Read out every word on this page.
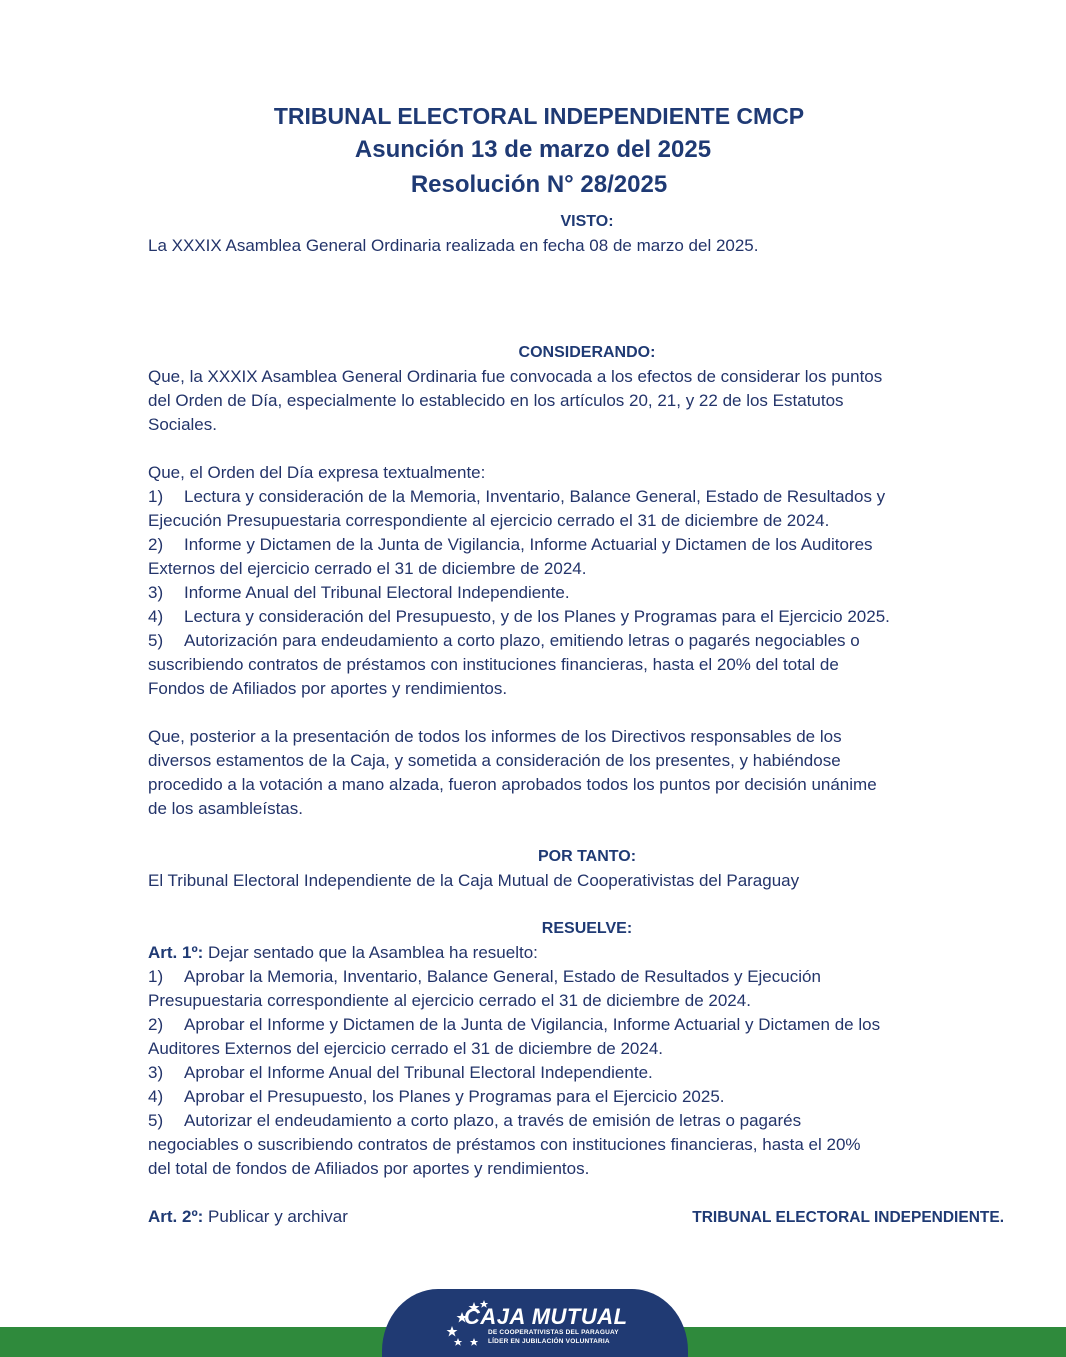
TRIBUNAL ELECTORAL INDEPENDIENTE CMCP
Asunción 13 de marzo del 2025
Resolución N° 28/2025
VISTO:

La XXXIX Asamblea General Ordinaria realizada en fecha 08 de marzo del 2025.

CONSIDERANDO:

Que, la XXXIX Asamblea General Ordinaria fue convocada a los efectos de considerar los puntos

del Orden de Día, especialmente lo establecido en los artículos 20, 21, y 22 de los Estatutos

Sociales.

Que, el Orden del Día expresa textualmente:

1) Lectura y consideración de la Memoria, Inventario, Balance General, Estado de Resultados y

Ejecución Presupuestaria correspondiente al ejercicio cerrado el 31 de diciembre de 2024.

2) Informe y Dictamen de la Junta de Vigilancia, Informe Actuarial y Dictamen de los Auditores

Externos del ejercicio cerrado el 31 de diciembre de 2024.

3) Informe Anual del Tribunal Electoral Independiente.

4) Lectura y consideración del Presupuesto, y de los Planes y Programas para el Ejercicio 2025.

5) Autorización para endeudamiento a corto plazo, emitiendo letras o pagarés negociables o

suscribiendo contratos de préstamos con instituciones financieras, hasta el 20% del total de

Fondos de Afiliados por aportes y rendimientos.

Que, posterior a la presentación de todos los informes de los Directivos responsables de los

diversos estamentos de la Caja, y sometida a consideración de los presentes, y habiéndose

procedido a la votación a mano alzada, fueron aprobados todos los puntos por decisión unánime

de los asambleístas.

POR TANTO:

El Tribunal Electoral Independiente de la Caja Mutual de Cooperativistas del Paraguay

RESUELVE:

Art. 1º: Dejar sentado que la Asamblea ha resuelto:

1) Aprobar la Memoria, Inventario, Balance General, Estado de Resultados y Ejecución

Presupuestaria correspondiente al ejercicio cerrado el 31 de diciembre de 2024.

2) Aprobar el Informe y Dictamen de la Junta de Vigilancia, Informe Actuarial y Dictamen de los

Auditores Externos del ejercicio cerrado el 31 de diciembre de 2024.

3) Aprobar el Informe Anual del Tribunal Electoral Independiente.

4) Aprobar el Presupuesto, los Planes y Programas para el Ejercicio 2025.

5) Autorizar el endeudamiento a corto plazo, a través de emisión de letras o pagarés

negociables o suscribiendo contratos de préstamos con instituciones financieras, hasta el 20%

del total de fondos de Afiliados por aportes y rendimientos.

Art. 2º: Publicar y archivar	TRIBUNAL ELECTORAL INDEPENDIENTE.
CAJA MUTUAL
DE COOPERATIVISTAS DEL PARAGUAY
LÍDER EN JUBILACIÓN VOLUNTARIA
